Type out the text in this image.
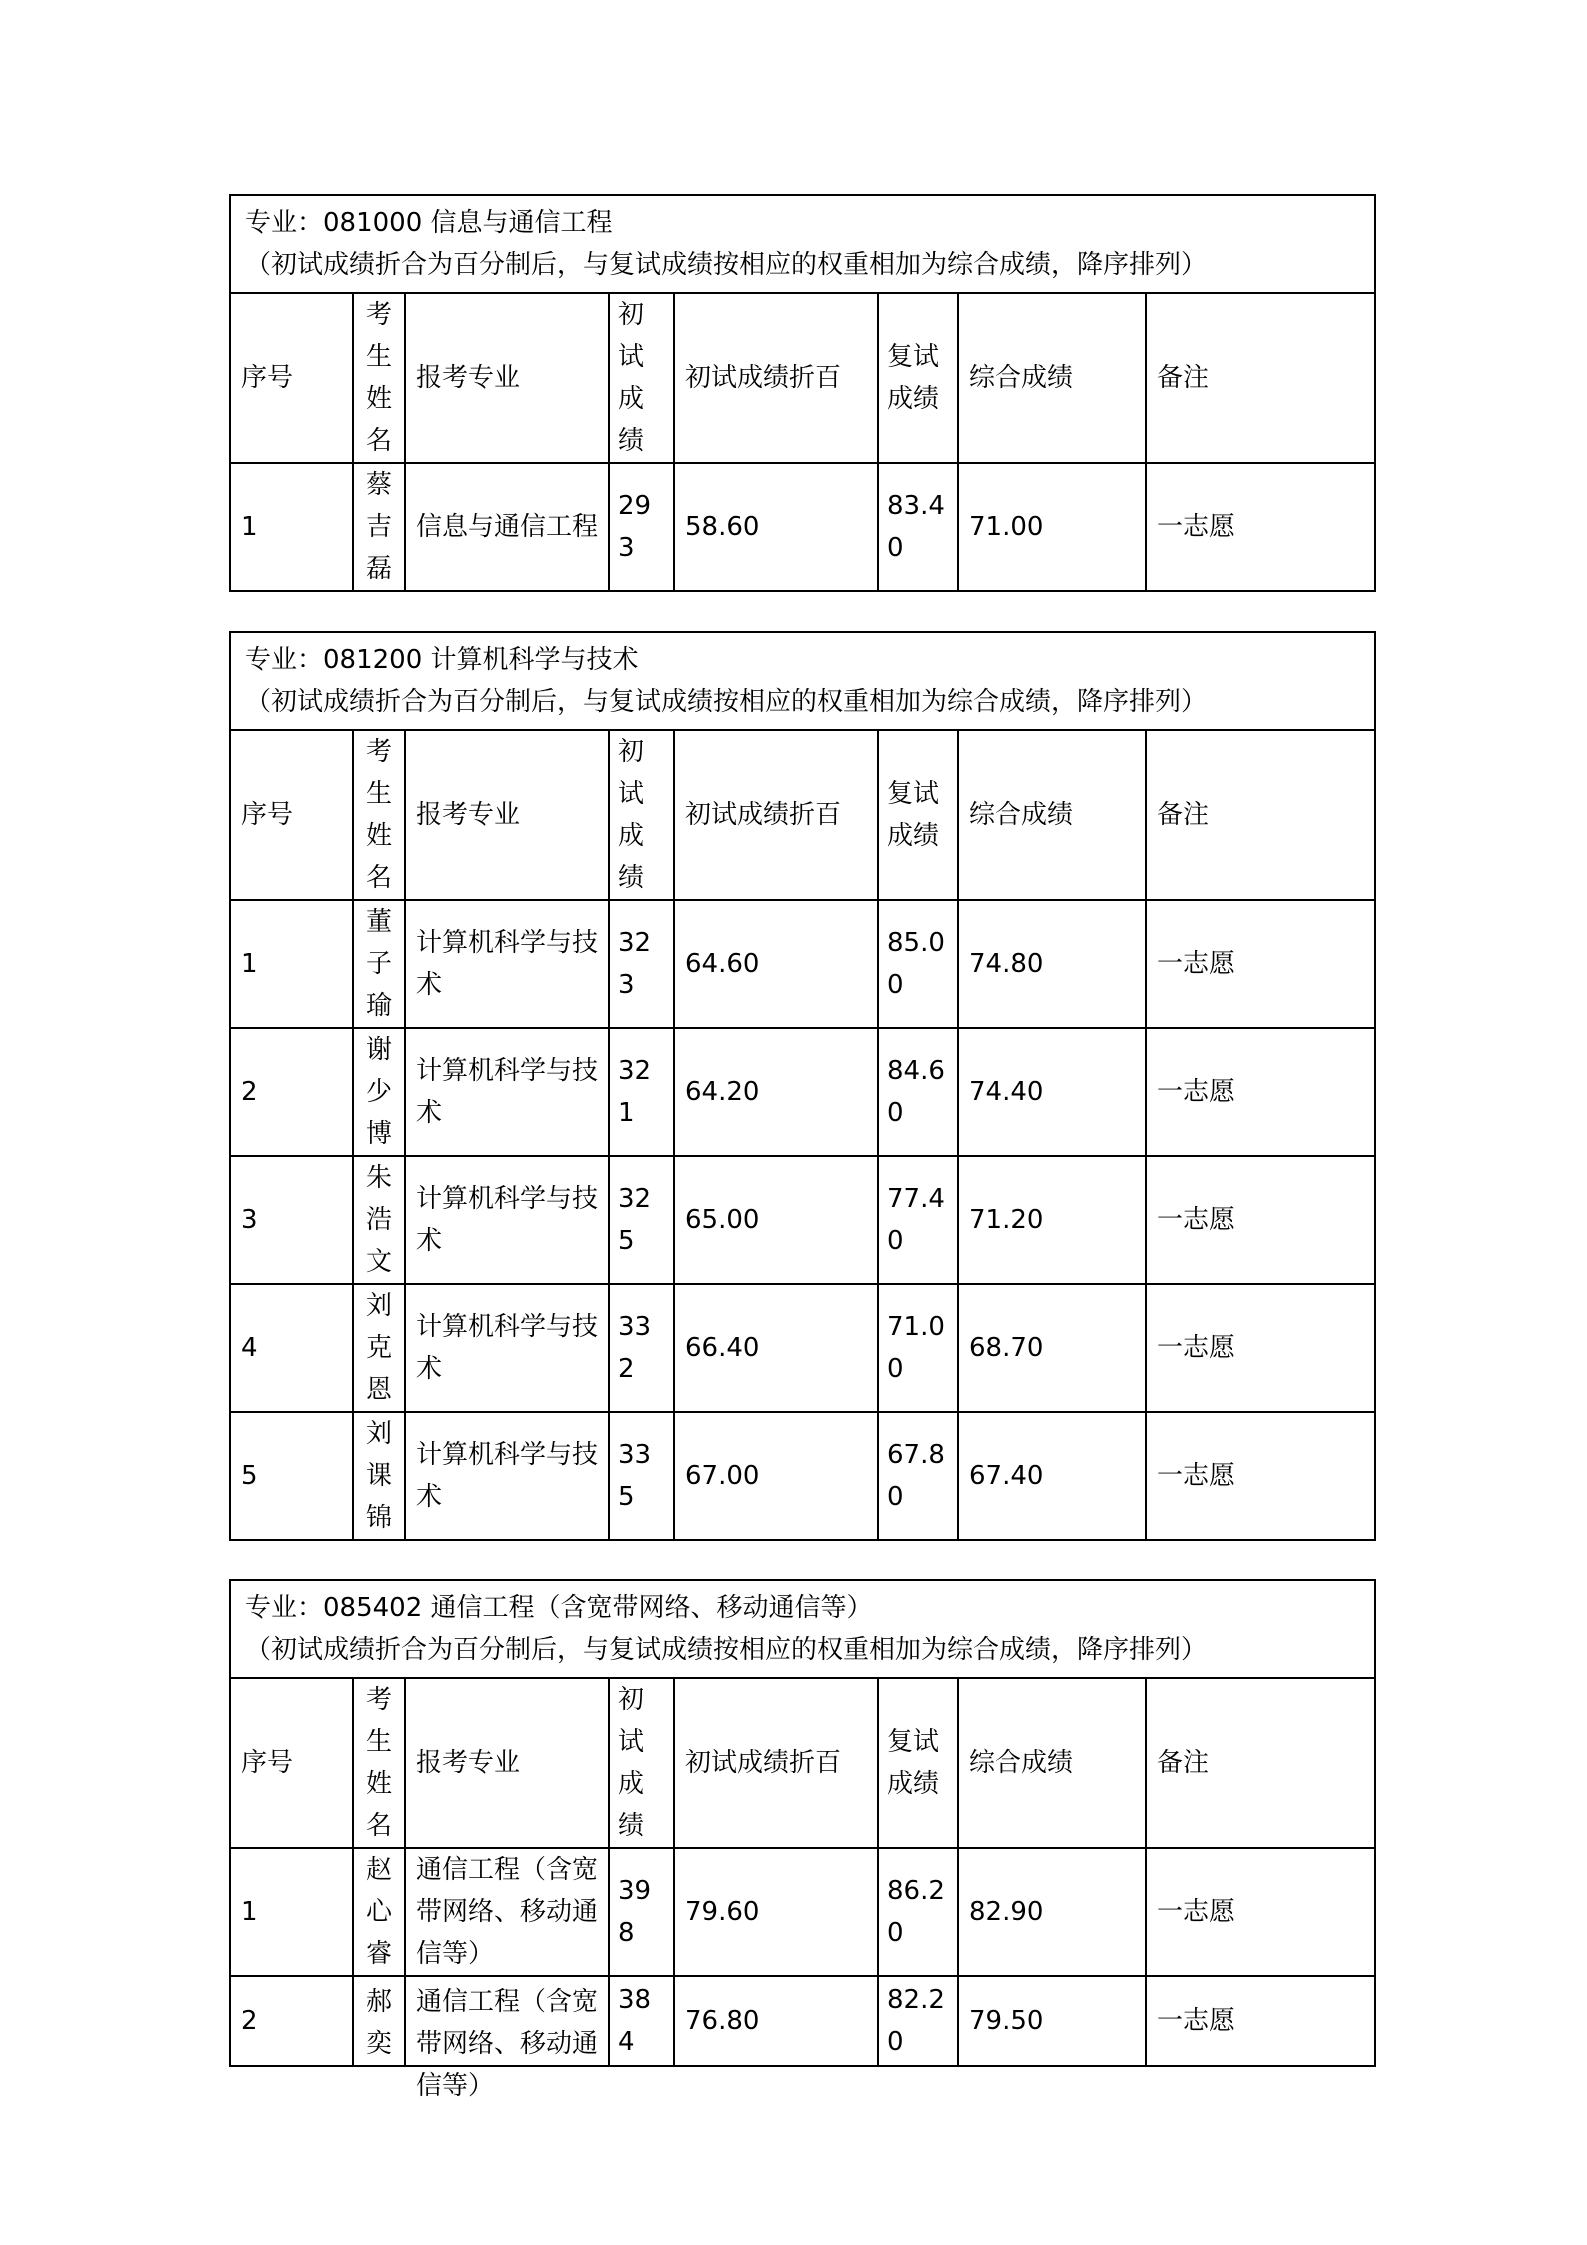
专业：081000 信息与通信工程
（初试成绩折合为百分制后，与复试成绩按相应的权重相加为综合成绩，降序排列）							

序号	考生姓名	报考专业	初试成绩	初试成绩折百	复试成绩	综合成绩	备注
1	蔡吉磊	信息与通信工程	293	58.60	83.40	71.00	一志愿
专业：081200 计算机科学与技术
（初试成绩折合为百分制后，与复试成绩按相应的权重相加为综合成绩，降序排列）							

序号	考生姓名	报考专业	初试成绩	初试成绩折百	复试成绩	综合成绩	备注
1	董子瑜	计算机科学与技术	323	64.60	85.00	74.80	一志愿
2	谢少博	计算机科学与技术	321	64.20	84.60	74.40	一志愿
3	朱浩文	计算机科学与技术	325	65.00	77.40	71.20	一志愿
4	刘克恩	计算机科学与技术	332	66.40	71.00	68.70	一志愿
5	刘课锦	计算机科学与技术	335	67.00	67.80	67.40	一志愿
专业：085402 通信工程（含宽带网络、移动通信等）
（初试成绩折合为百分制后，与复试成绩按相应的权重相加为综合成绩，降序排列）							

序号	考生姓名	报考专业	初试成绩	初试成绩折百	复试成绩	综合成绩	备注
1	赵心睿	通信工程（含宽带网络、移动通信等）	398	79.60	86.20	82.90	一志愿
2	郝奕	通信工程（含宽带网络、移动通信等）	384	76.80	82.20	79.50	一志愿
